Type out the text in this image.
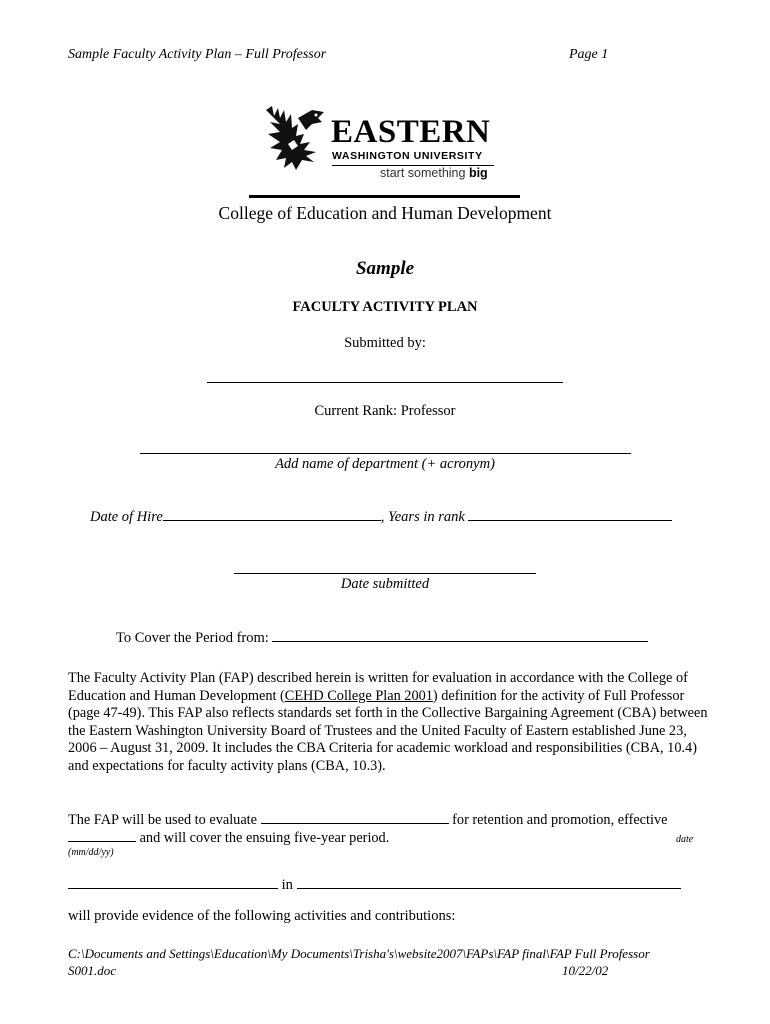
Sample Faculty Activity Plan – Full Professor	Page 1
EASTERN
WASHINGTON UNIVERSITY
start something big
College of Education and Human Development
Sample
FACULTY ACTIVITY PLAN
Submitted by:
Current Rank: Professor
Add name of department (+ acronym)
Date of Hire	, Years in rank
Date submitted
To Cover the Period from:
The Faculty Activity Plan (FAP) described herein is written for evaluation in accordance with the College of Education and Human Development (CEHD College Plan 2001) definition for the activity of Full Professor (page 47-49). This FAP also reflects standards set forth in the Collective Bargaining Agreement (CBA) between the Eastern Washington University Board of Trustees and the United Faculty of Eastern established June 23, 2006 – August 31, 2009. It includes the CBA Criteria for academic workload and responsibilities (CBA, 10.4) and expectations for faculty activity plans (CBA, 10.3).
The FAP will be used to evaluate	for retention and promotion, effective
and will cover the ensuing five-year period.	date
(mm/dd/yy)
in
will provide evidence of the following activities and contributions:
C:\Documents and Settings\Education\My Documents\Trisha's\website2007\FAPs\FAP final\FAP Full Professor
S001.doc	10/22/02
